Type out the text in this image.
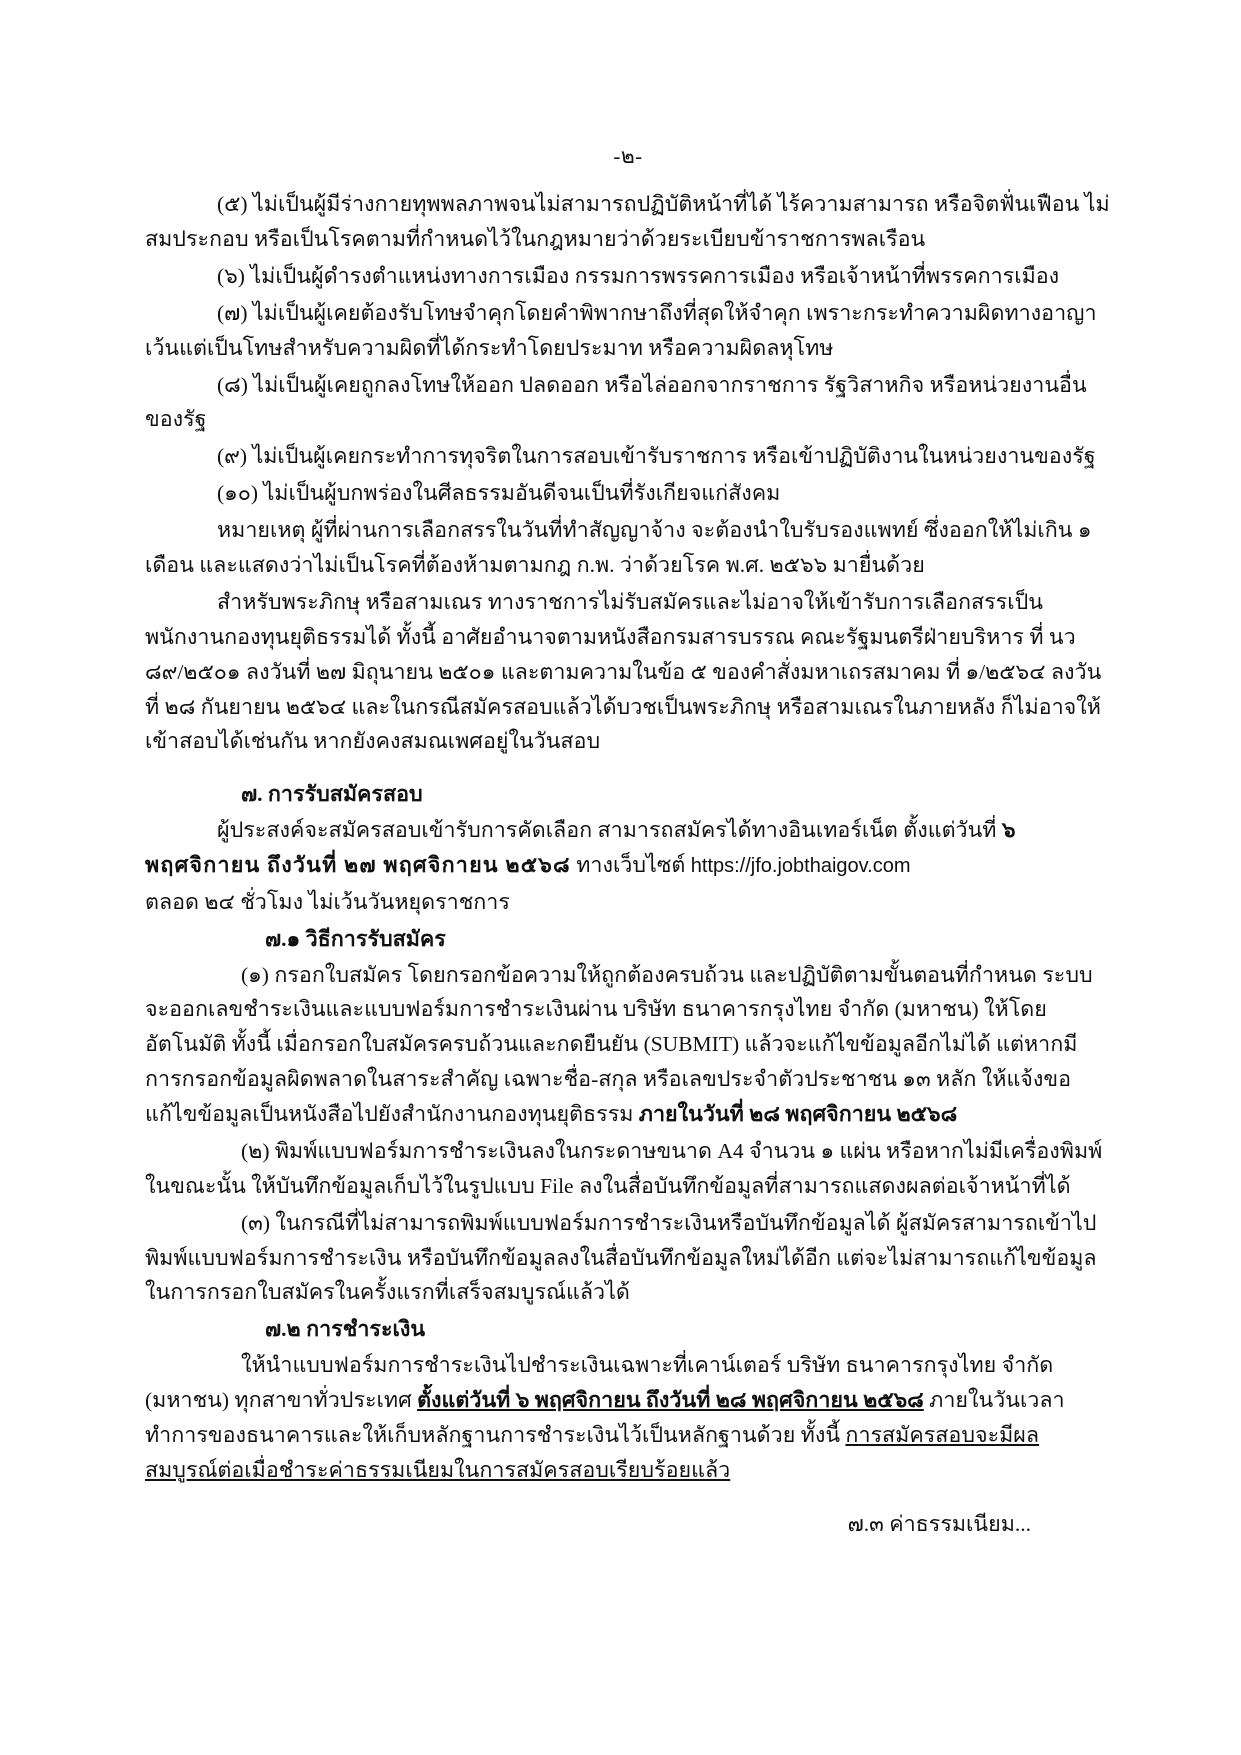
-๒-

(๕) ไม่เป็นผู้มีร่างกายทุพพลภาพจนไม่สามารถปฏิบัติหน้าที่ได้ ไร้ความสามารถ หรือจิตฟั่นเฟือน ไม่สมประกอบ หรือเป็นโรคตามที่กำหนดไว้ในกฎหมายว่าด้วยระเบียบข้าราชการพลเรือน

(๖) ไม่เป็นผู้ดำรงตำแหน่งทางการเมือง กรรมการพรรคการเมือง หรือเจ้าหน้าที่พรรคการเมือง

(๗) ไม่เป็นผู้เคยต้องรับโทษจำคุกโดยคำพิพากษาถึงที่สุดให้จำคุก เพราะกระทำความผิดทางอาญา เว้นแต่เป็นโทษสำหรับความผิดที่ได้กระทำโดยประมาท หรือความผิดลหุโทษ

(๘) ไม่เป็นผู้เคยถูกลงโทษให้ออก ปลดออก หรือไล่ออกจากราชการ รัฐวิสาหกิจ หรือหน่วยงานอื่นของรัฐ

(๙) ไม่เป็นผู้เคยกระทำการทุจริตในการสอบเข้ารับราชการ หรือเข้าปฏิบัติงานในหน่วยงานของรัฐ

(๑๐) ไม่เป็นผู้บกพร่องในศีลธรรมอันดีจนเป็นที่รังเกียจแก่สังคม

หมายเหตุ ผู้ที่ผ่านการเลือกสรรในวันที่ทำสัญญาจ้าง จะต้องนำใบรับรองแพทย์ ซึ่งออกให้ไม่เกิน ๑ เดือน และแสดงว่าไม่เป็นโรคที่ต้องห้ามตามกฎ ก.พ. ว่าด้วยโรค พ.ศ. ๒๕๖๖ มายื่นด้วย

สำหรับพระภิกษุ หรือสามเณร ทางราชการไม่รับสมัครและไม่อาจให้เข้ารับการเลือกสรรเป็นพนักงานกองทุนยุติธรรมได้ ทั้งนี้ อาศัยอำนาจตามหนังสือกรมสารบรรณ คณะรัฐมนตรีฝ่ายบริหาร ที่ นว ๘๙/๒๕๐๑ ลงวันที่ ๒๗ มิถุนายน ๒๕๐๑ และตามความในข้อ ๕ ของคำสั่งมหาเถรสมาคม ที่ ๑/๒๕๖๔ ลงวันที่ ๒๘ กันยายน ๒๕๖๔ และในกรณีสมัครสอบแล้วได้บวชเป็นพระภิกษุ หรือสามเณรในภายหลัง ก็ไม่อาจให้เข้าสอบได้เช่นกัน หากยังคงสมณเพศอยู่ในวันสอบ

๗. การรับสมัครสอบ

ผู้ประสงค์จะสมัครสอบเข้ารับการคัดเลือก สามารถสมัครได้ทางอินเทอร์เน็ต ตั้งแต่วันที่ ๖ พฤศจิกายน ถึงวันที่ ๒๗ พฤศจิกายน ๒๕๖๘ ทางเว็บไซต์ https://jfo.jobthaigov.com

ตลอด ๒๔ ชั่วโมง ไม่เว้นวันหยุดราชการ

๗.๑ วิธีการรับสมัคร

(๑) กรอกใบสมัคร โดยกรอกข้อความให้ถูกต้องครบถ้วน และปฏิบัติตามขั้นตอนที่กำหนด ระบบจะออกเลขชำระเงินและแบบฟอร์มการชำระเงินผ่าน บริษัท ธนาคารกรุงไทย จำกัด (มหาชน) ให้โดยอัตโนมัติ ทั้งนี้ เมื่อกรอกใบสมัครครบถ้วนและกดยืนยัน (SUBMIT) แล้วจะแก้ไขข้อมูลอีกไม่ได้ แต่หากมีการกรอกข้อมูลผิดพลาดในสาระสำคัญ เฉพาะชื่อ-สกุล หรือเลขประจำตัวประชาชน ๑๓ หลัก ให้แจ้งขอแก้ไขข้อมูลเป็นหนังสือไปยังสำนักงานกองทุนยุติธรรม ภายในวันที่ ๒๘ พฤศจิกายน ๒๕๖๘

(๒) พิมพ์แบบฟอร์มการชำระเงินลงในกระดาษขนาด A4 จำนวน ๑ แผ่น หรือหากไม่มีเครื่องพิมพ์ในขณะนั้น ให้บันทึกข้อมูลเก็บไว้ในรูปแบบ File ลงในสื่อบันทึกข้อมูลที่สามารถแสดงผลต่อเจ้าหน้าที่ได้

(๓) ในกรณีที่ไม่สามารถพิมพ์แบบฟอร์มการชำระเงินหรือบันทึกข้อมูลได้ ผู้สมัครสามารถเข้าไปพิมพ์แบบฟอร์มการชำระเงิน หรือบันทึกข้อมูลลงในสื่อบันทึกข้อมูลใหม่ได้อีก แต่จะไม่สามารถแก้ไขข้อมูลในการกรอกใบสมัครในครั้งแรกที่เสร็จสมบูรณ์แล้วได้

๗.๒ การชำระเงิน

ให้นำแบบฟอร์มการชำระเงินไปชำระเงินเฉพาะที่เคาน์เตอร์ บริษัท ธนาคารกรุงไทย จำกัด (มหาชน) ทุกสาขาทั่วประเทศ ตั้งแต่วันที่ ๖ พฤศจิกายน ถึงวันที่ ๒๘ พฤศจิกายน ๒๕๖๘ ภายในวันเวลาทำการของธนาคารและให้เก็บหลักฐานการชำระเงินไว้เป็นหลักฐานด้วย ทั้งนี้ การสมัครสอบจะมีผลสมบูรณ์ต่อเมื่อชำระค่าธรรมเนียมในการสมัครสอบเรียบร้อยแล้ว

๗.๓ ค่าธรรมเนียม...
